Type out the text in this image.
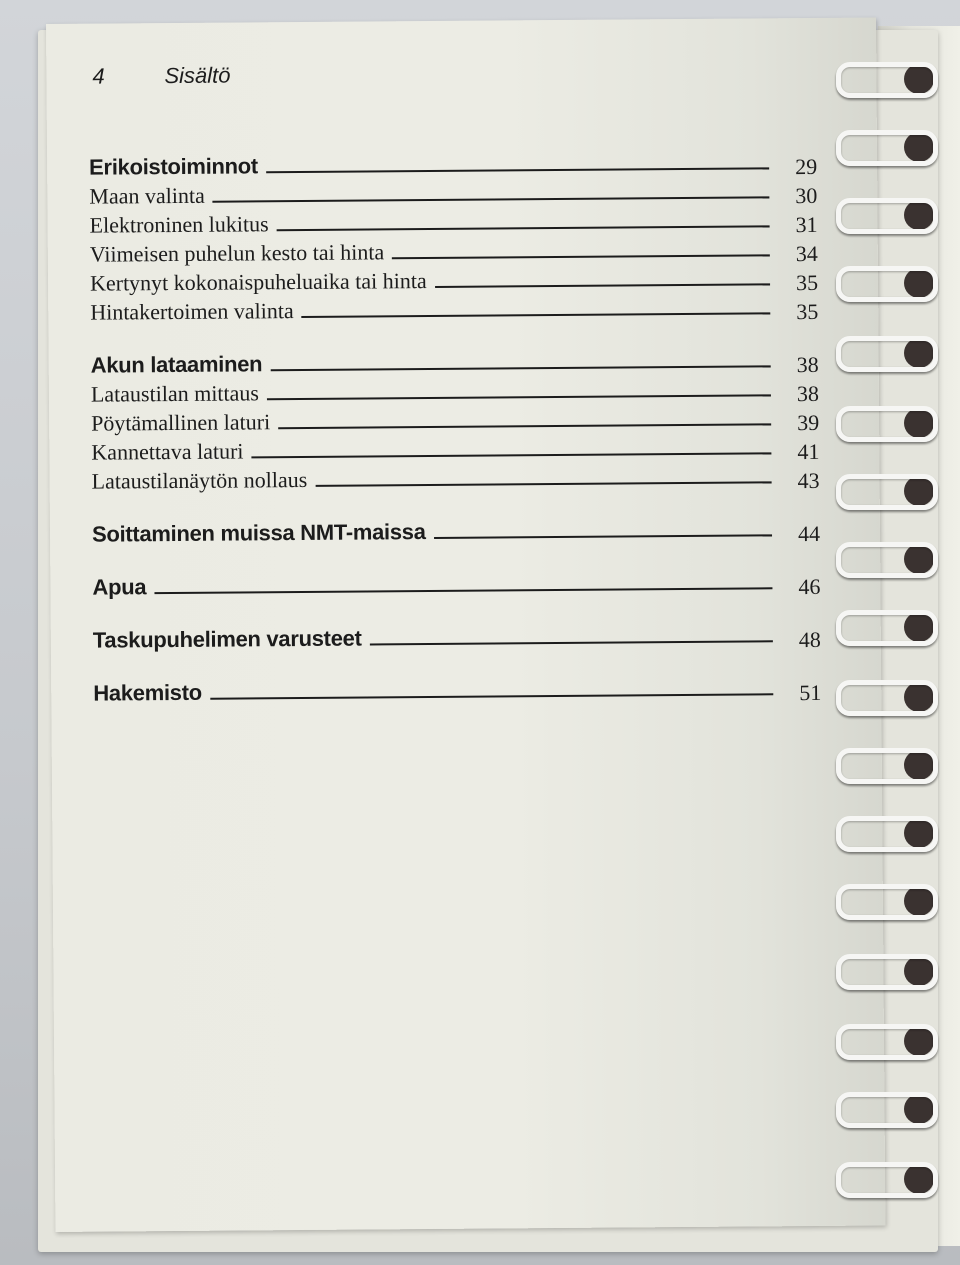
4	Sisältö
Erikoistoiminnot	29
Maan valinta	30
Elektroninen lukitus	31
Viimeisen puhelun kesto tai hinta	34
Kertynyt kokonaispuheluaika tai hinta	35
Hintakertoimen valinta	35
Akun lataaminen	38
Lataustilan mittaus	38
Pöytämallinen laturi	39
Kannettava laturi	41
Lataustilanäytön nollaus	43
Soittaminen muissa NMT-maissa	44
Apua	46
Taskupuhelimen varusteet	48
Hakemisto	51
